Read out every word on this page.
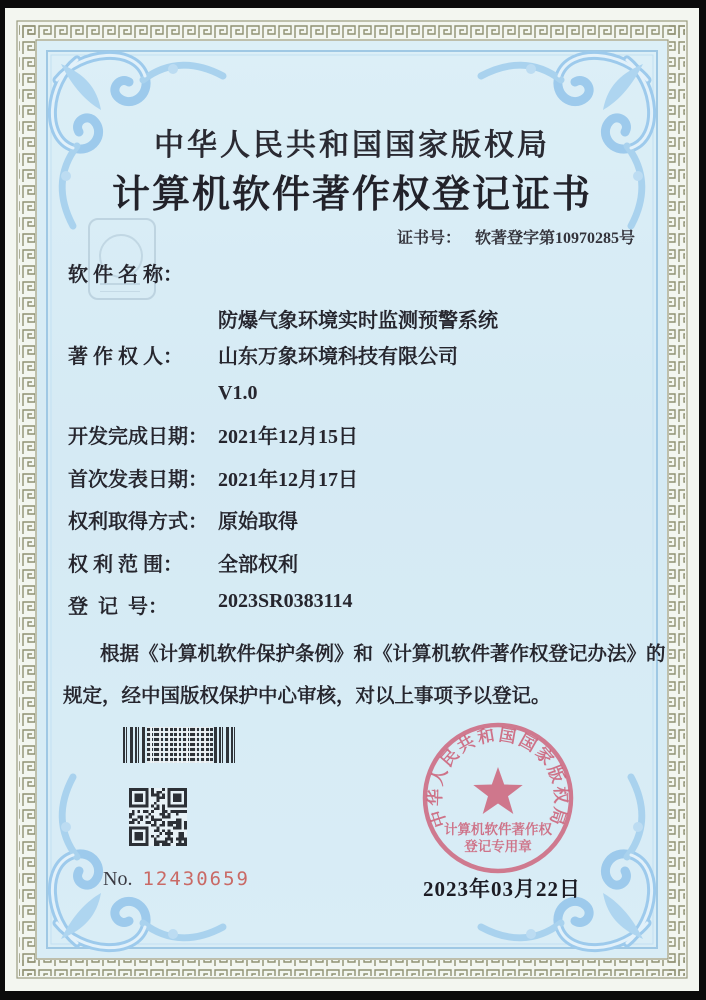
中华人民共和国国家版权局
计算机软件著作权登记证书
证书号： 软著登字第10970285号
软 件 名 称：

防爆气象环境实时监测预警系统

V1.0

著 作 权 人：	山东万象环境科技有限公司
开发完成日期： 2021年12月15日
首次发表日期： 2021年12月17日
权利取得方式： 原始取得
权 利 范 围：	全部权利
登  记  号：	2023SR0383114
根据《计算机软件保护条例》和《计算机软件著作权登记办法》的
规定，经中国版权保护中心审核，对以上事项予以登记。
No. 12430659
中华人民共和国国家版权局
计算机软件著作权
登记专用章
2023年03月22日
